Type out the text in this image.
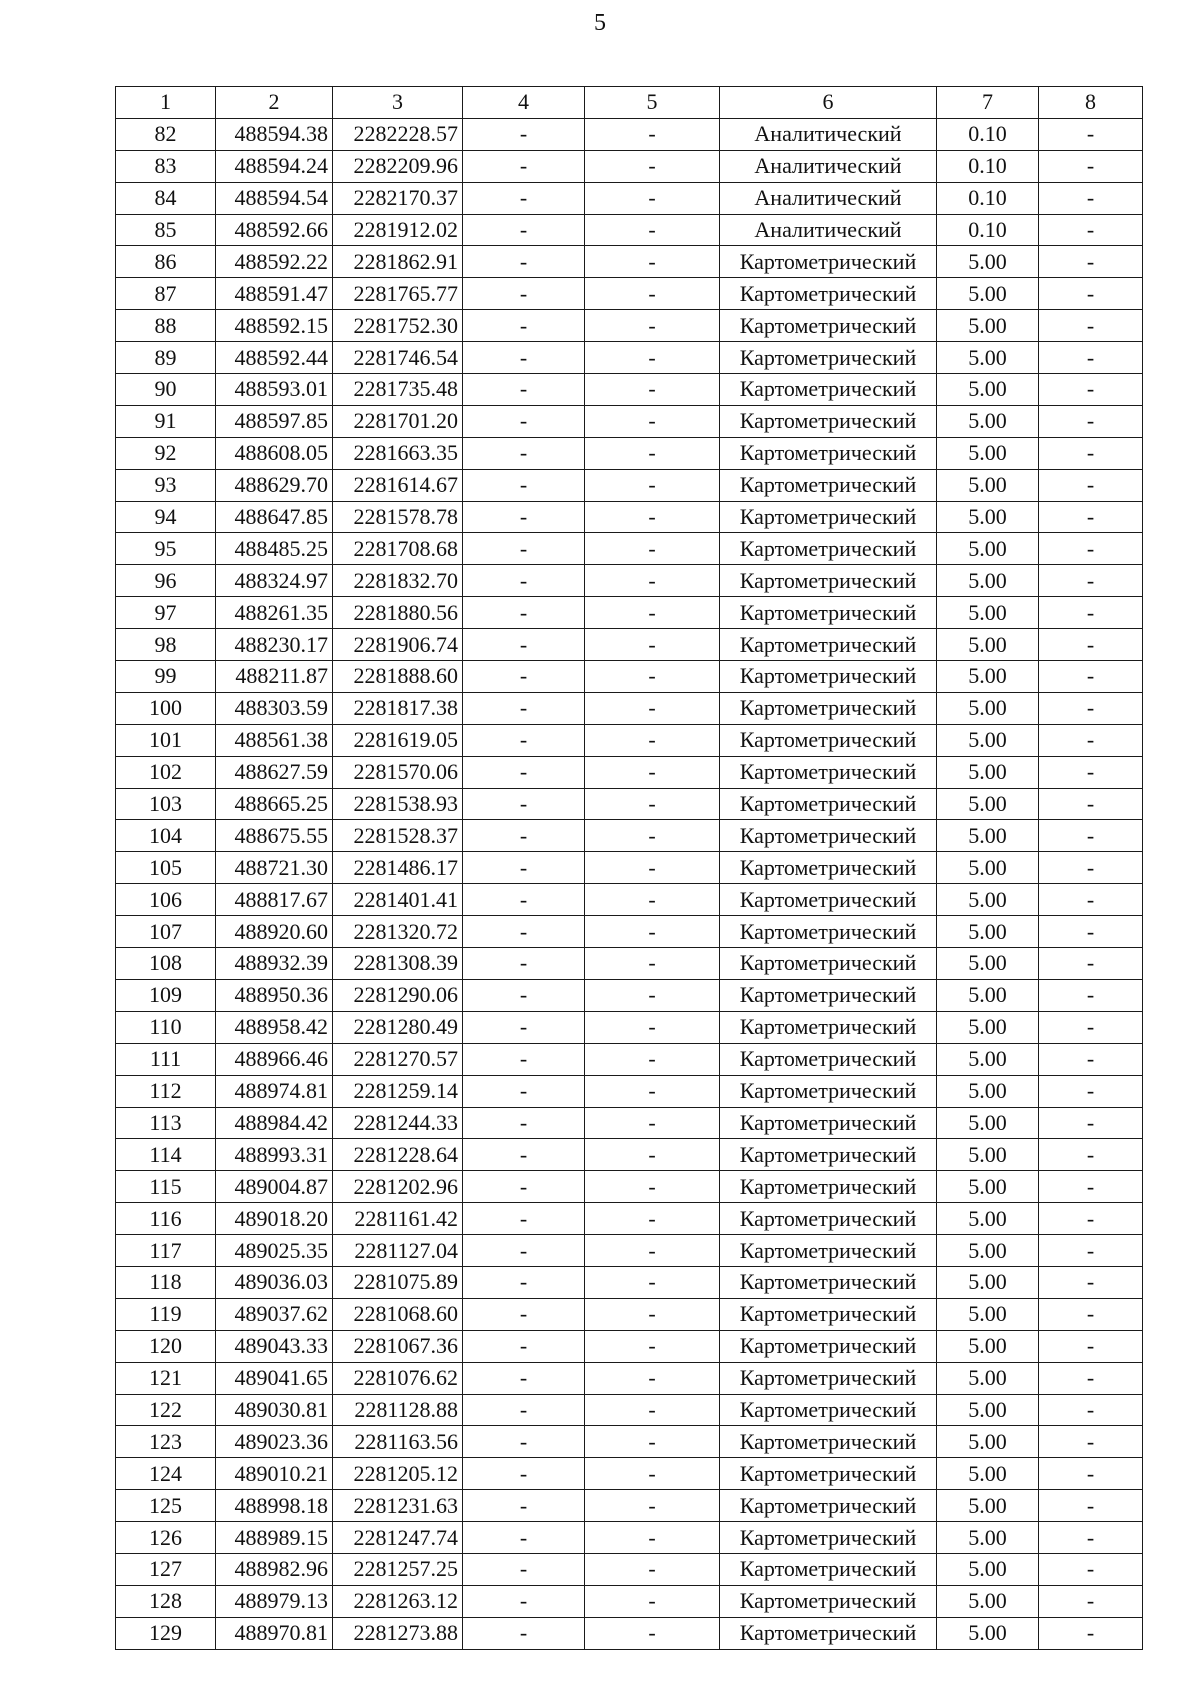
5
1	2	3	4	5	6	7	8
82	488594.38	2282228.57	-	-	Аналитический	0.10	-
83	488594.24	2282209.96	-	-	Аналитический	0.10	-
84	488594.54	2282170.37	-	-	Аналитический	0.10	-
85	488592.66	2281912.02	-	-	Аналитический	0.10	-
86	488592.22	2281862.91	-	-	Картометрический	5.00	-
87	488591.47	2281765.77	-	-	Картометрический	5.00	-
88	488592.15	2281752.30	-	-	Картометрический	5.00	-
89	488592.44	2281746.54	-	-	Картометрический	5.00	-
90	488593.01	2281735.48	-	-	Картометрический	5.00	-
91	488597.85	2281701.20	-	-	Картометрический	5.00	-
92	488608.05	2281663.35	-	-	Картометрический	5.00	-
93	488629.70	2281614.67	-	-	Картометрический	5.00	-
94	488647.85	2281578.78	-	-	Картометрический	5.00	-
95	488485.25	2281708.68	-	-	Картометрический	5.00	-
96	488324.97	2281832.70	-	-	Картометрический	5.00	-
97	488261.35	2281880.56	-	-	Картометрический	5.00	-
98	488230.17	2281906.74	-	-	Картометрический	5.00	-
99	488211.87	2281888.60	-	-	Картометрический	5.00	-
100	488303.59	2281817.38	-	-	Картометрический	5.00	-
101	488561.38	2281619.05	-	-	Картометрический	5.00	-
102	488627.59	2281570.06	-	-	Картометрический	5.00	-
103	488665.25	2281538.93	-	-	Картометрический	5.00	-
104	488675.55	2281528.37	-	-	Картометрический	5.00	-
105	488721.30	2281486.17	-	-	Картометрический	5.00	-
106	488817.67	2281401.41	-	-	Картометрический	5.00	-
107	488920.60	2281320.72	-	-	Картометрический	5.00	-
108	488932.39	2281308.39	-	-	Картометрический	5.00	-
109	488950.36	2281290.06	-	-	Картометрический	5.00	-
110	488958.42	2281280.49	-	-	Картометрический	5.00	-
111	488966.46	2281270.57	-	-	Картометрический	5.00	-
112	488974.81	2281259.14	-	-	Картометрический	5.00	-
113	488984.42	2281244.33	-	-	Картометрический	5.00	-
114	488993.31	2281228.64	-	-	Картометрический	5.00	-
115	489004.87	2281202.96	-	-	Картометрический	5.00	-
116	489018.20	2281161.42	-	-	Картометрический	5.00	-
117	489025.35	2281127.04	-	-	Картометрический	5.00	-
118	489036.03	2281075.89	-	-	Картометрический	5.00	-
119	489037.62	2281068.60	-	-	Картометрический	5.00	-
120	489043.33	2281067.36	-	-	Картометрический	5.00	-
121	489041.65	2281076.62	-	-	Картометрический	5.00	-
122	489030.81	2281128.88	-	-	Картометрический	5.00	-
123	489023.36	2281163.56	-	-	Картометрический	5.00	-
124	489010.21	2281205.12	-	-	Картометрический	5.00	-
125	488998.18	2281231.63	-	-	Картометрический	5.00	-
126	488989.15	2281247.74	-	-	Картометрический	5.00	-
127	488982.96	2281257.25	-	-	Картометрический	5.00	-
128	488979.13	2281263.12	-	-	Картометрический	5.00	-
129	488970.81	2281273.88	-	-	Картометрический	5.00	-
